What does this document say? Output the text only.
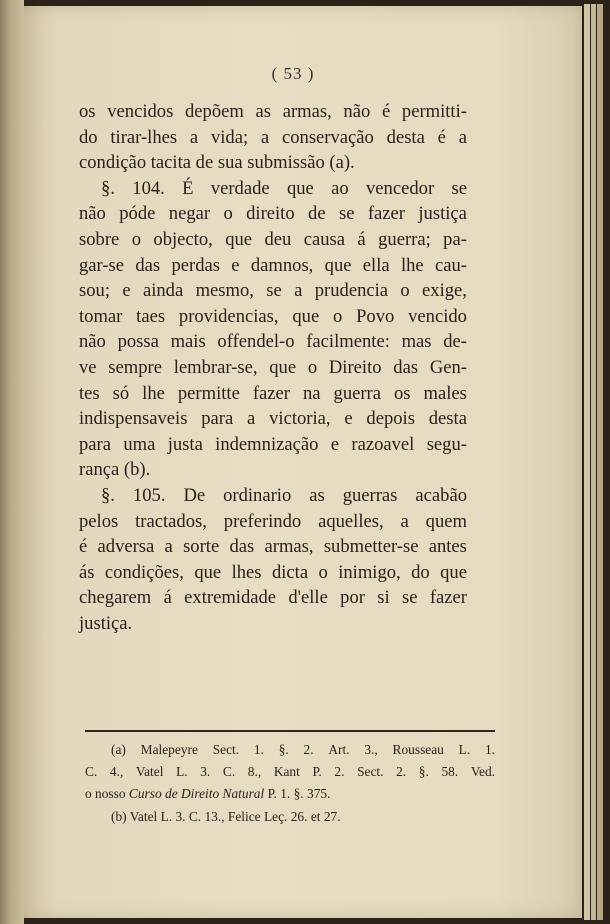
( 53 )
os vencidos depõem as armas, não é permitti-
do tirar-lhes a vida; a conservação desta é a
condição tacita de sua submissão (a).
§. 104. É verdade que ao vencedor se
não póde negar o direito de se fazer justiça
sobre o objecto, que deu causa á guerra; pa-
gar-se das perdas e damnos, que ella lhe cau-
sou; e ainda mesmo, se a prudencia o exige,
tomar taes providencias, que o Povo vencido
não possa mais offendel-o facilmente: mas de-
ve sempre lembrar-se, que o Direito das Gen-
tes só lhe permitte fazer na guerra os males
indispensaveis para a victoria, e depois desta
para uma justa indemnização e razoavel segu-
rança (b).
§. 105. De ordinario as guerras acabão
pelos tractados, preferindo aquelles, a quem
é adversa a sorte das armas, submetter-se antes
ás condições, que lhes dicta o inimigo, do que
chegarem á extremidade d'elle por si se fazer
justiça.
(a) Malepeyre Sect. 1. §. 2. Art. 3., Rousseau L. 1.
C. 4., Vatel L. 3. C. 8., Kant P. 2. Sect. 2. §. 58. Ved.
o nosso
Curso de Direito Natural
P. 1. §. 375.
(b) Vatel L. 3. C. 13., Felice Leç. 26. et 27.
